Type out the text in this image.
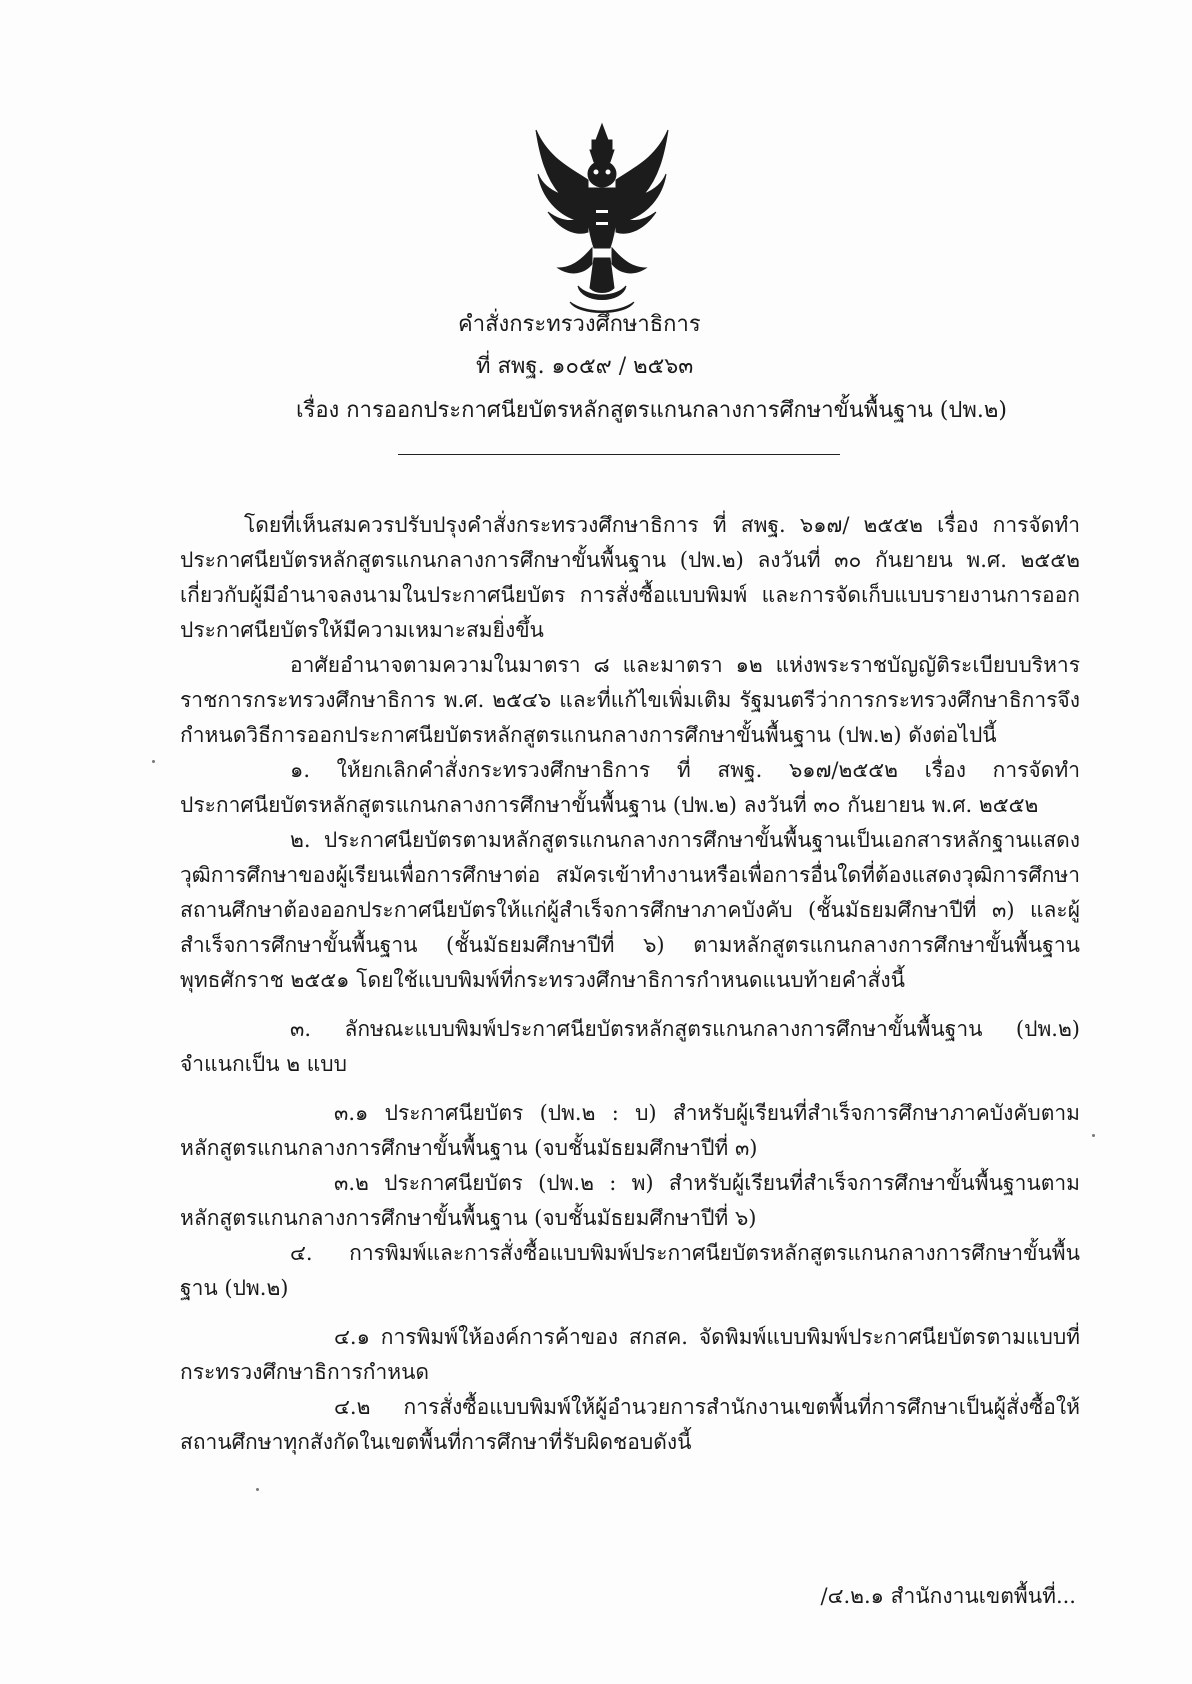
คำสั่งกระทรวงศึกษาธิการ
ที่ สพฐ. ๑๐๕๙ / ๒๕๖๓
เรื่อง การออกประกาศนียบัตรหลักสูตรแกนกลางการศึกษาขั้นพื้นฐาน (ปพ.๒)

โดยที่เห็นสมควรปรับปรุงคำสั่งกระทรวงศึกษาธิการ ที่ สพฐ. ๖๑๗/ ๒๕๕๒ เรื่อง การจัดทำประกาศนียบัตรหลักสูตรแกนกลางการศึกษาขั้นพื้นฐาน (ปพ.๒) ลงวันที่ ๓๐ กันยายน พ.ศ. ๒๕๕๒ เกี่ยวกับผู้มีอำนาจลงนามในประกาศนียบัตร การสั่งซื้อแบบพิมพ์ และการจัดเก็บแบบรายงานการออกประกาศนียบัตรให้มีความเหมาะสมยิ่งขึ้น

อาศัยอำนาจตามความในมาตรา ๘ และมาตรา ๑๒ แห่งพระราชบัญญัติระเบียบบริหารราชการกระทรวงศึกษาธิการ พ.ศ. ๒๕๔๖ และที่แก้ไขเพิ่มเติม รัฐมนตรีว่าการกระทรวงศึกษาธิการจึงกำหนดวิธีการออกประกาศนียบัตรหลักสูตรแกนกลางการศึกษาขั้นพื้นฐาน (ปพ.๒) ดังต่อไปนี้

๑. ให้ยกเลิกคำสั่งกระทรวงศึกษาธิการ ที่ สพฐ. ๖๑๗/๒๕๕๒ เรื่อง การจัดทำประกาศนียบัตรหลักสูตรแกนกลางการศึกษาขั้นพื้นฐาน (ปพ.๒) ลงวันที่ ๓๐ กันยายน พ.ศ. ๒๕๕๒

๒. ประกาศนียบัตรตามหลักสูตรแกนกลางการศึกษาขั้นพื้นฐานเป็นเอกสารหลักฐานแสดงวุฒิการศึกษาของผู้เรียนเพื่อการศึกษาต่อ สมัครเข้าทำงานหรือเพื่อการอื่นใดที่ต้องแสดงวุฒิการศึกษา สถานศึกษาต้องออกประกาศนียบัตรให้แก่ผู้สำเร็จการศึกษาภาคบังคับ (ชั้นมัธยมศึกษาปีที่ ๓) และผู้สำเร็จการศึกษาขั้นพื้นฐาน (ชั้นมัธยมศึกษาปีที่ ๖) ตามหลักสูตรแกนกลางการศึกษาขั้นพื้นฐาน พุทธศักราช ๒๕๕๑ โดยใช้แบบพิมพ์ที่กระทรวงศึกษาธิการกำหนดแนบท้ายคำสั่งนี้

๓. ลักษณะแบบพิมพ์ประกาศนียบัตรหลักสูตรแกนกลางการศึกษาขั้นพื้นฐาน (ปพ.๒) จำแนกเป็น ๒ แบบ

๓.๑ ประกาศนียบัตร (ปพ.๒ : บ) สำหรับผู้เรียนที่สำเร็จการศึกษาภาคบังคับตามหลักสูตรแกนกลางการศึกษาขั้นพื้นฐาน (จบชั้นมัธยมศึกษาปีที่ ๓)

๓.๒ ประกาศนียบัตร (ปพ.๒ : พ) สำหรับผู้เรียนที่สำเร็จการศึกษาขั้นพื้นฐานตามหลักสูตรแกนกลางการศึกษาขั้นพื้นฐาน (จบชั้นมัธยมศึกษาปีที่ ๖)

๔. การพิมพ์และการสั่งซื้อแบบพิมพ์ประกาศนียบัตรหลักสูตรแกนกลางการศึกษาขั้นพื้นฐาน (ปพ.๒)

๔.๑ การพิมพ์ให้องค์การค้าของ สกสค. จัดพิมพ์แบบพิมพ์ประกาศนียบัตรตามแบบที่กระทรวงศึกษาธิการกำหนด

๔.๒ การสั่งซื้อแบบพิมพ์ให้ผู้อำนวยการสำนักงานเขตพื้นที่การศึกษาเป็นผู้สั่งซื้อให้สถานศึกษาทุกสังกัดในเขตพื้นที่การศึกษาที่รับผิดชอบดังนี้

/๔.๒.๑ สำนักงานเขตพื้นที่...
